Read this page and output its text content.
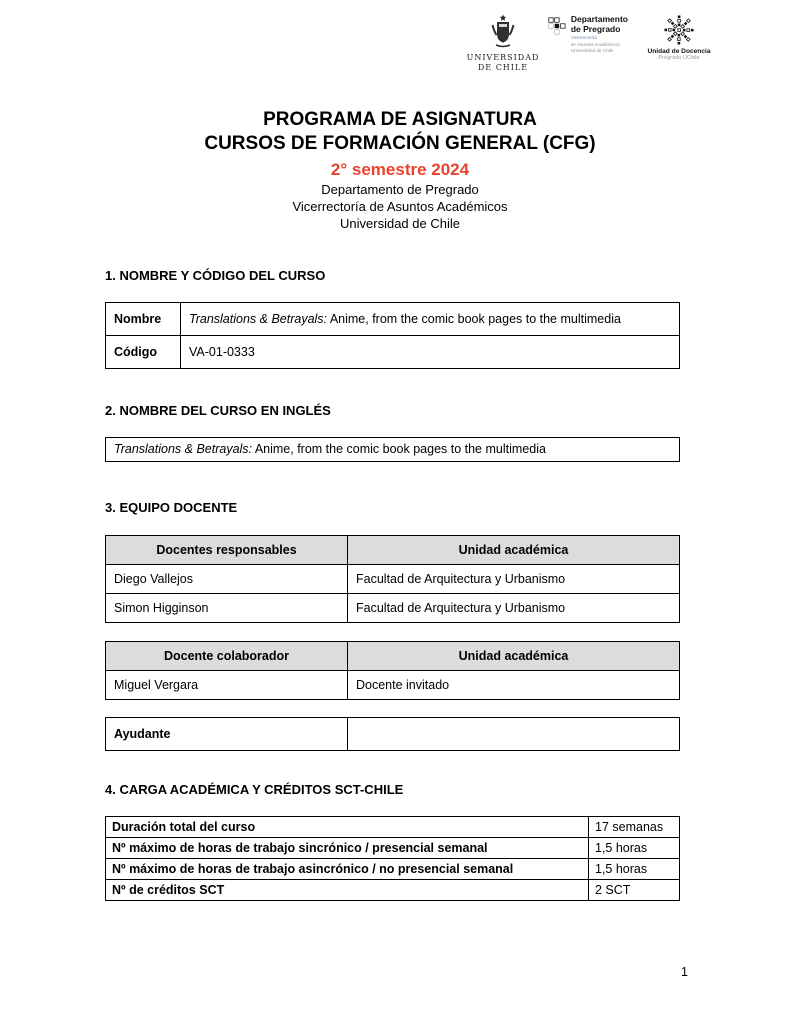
UNIVERSIDAD
DE CHILE
Departamento
de Pregrado
Vicerrectoría
de Asuntos Académicos
Universidad de Chile	Unidad de Docencia
Pregrado UChile
PROGRAMA DE ASIGNATURA
CURSOS DE FORMACIÓN GENERAL (CFG)
2° semestre 2024
Departamento de Pregrado
Vicerrectoría de Asuntos Académicos
Universidad de Chile
1. NOMBRE Y CÓDIGO DEL CURSO
Nombre	Translations & Betrayals: Anime, from the comic book pages to the multimedia
Código	VA-01-0333
2. NOMBRE DEL CURSO EN INGLÉS
Translations & Betrayals: Anime, from the comic book pages to the multimedia
3. EQUIPO DOCENTE
Docentes responsables	Unidad académica
Diego Vallejos	Facultad de Arquitectura y Urbanismo
Simon Higginson	Facultad de Arquitectura y Urbanismo
Docente colaborador	Unidad académica
Miguel Vergara	Docente invitado
Ayudante	
4. CARGA ACADÉMICA Y CRÉDITOS SCT-CHILE
Duración total del curso	17 semanas
Nº máximo de horas de trabajo sincrónico / presencial semanal	1,5 horas
Nº máximo de horas de trabajo asincrónico / no presencial semanal	1,5 horas
Nº de créditos SCT	2 SCT
1
